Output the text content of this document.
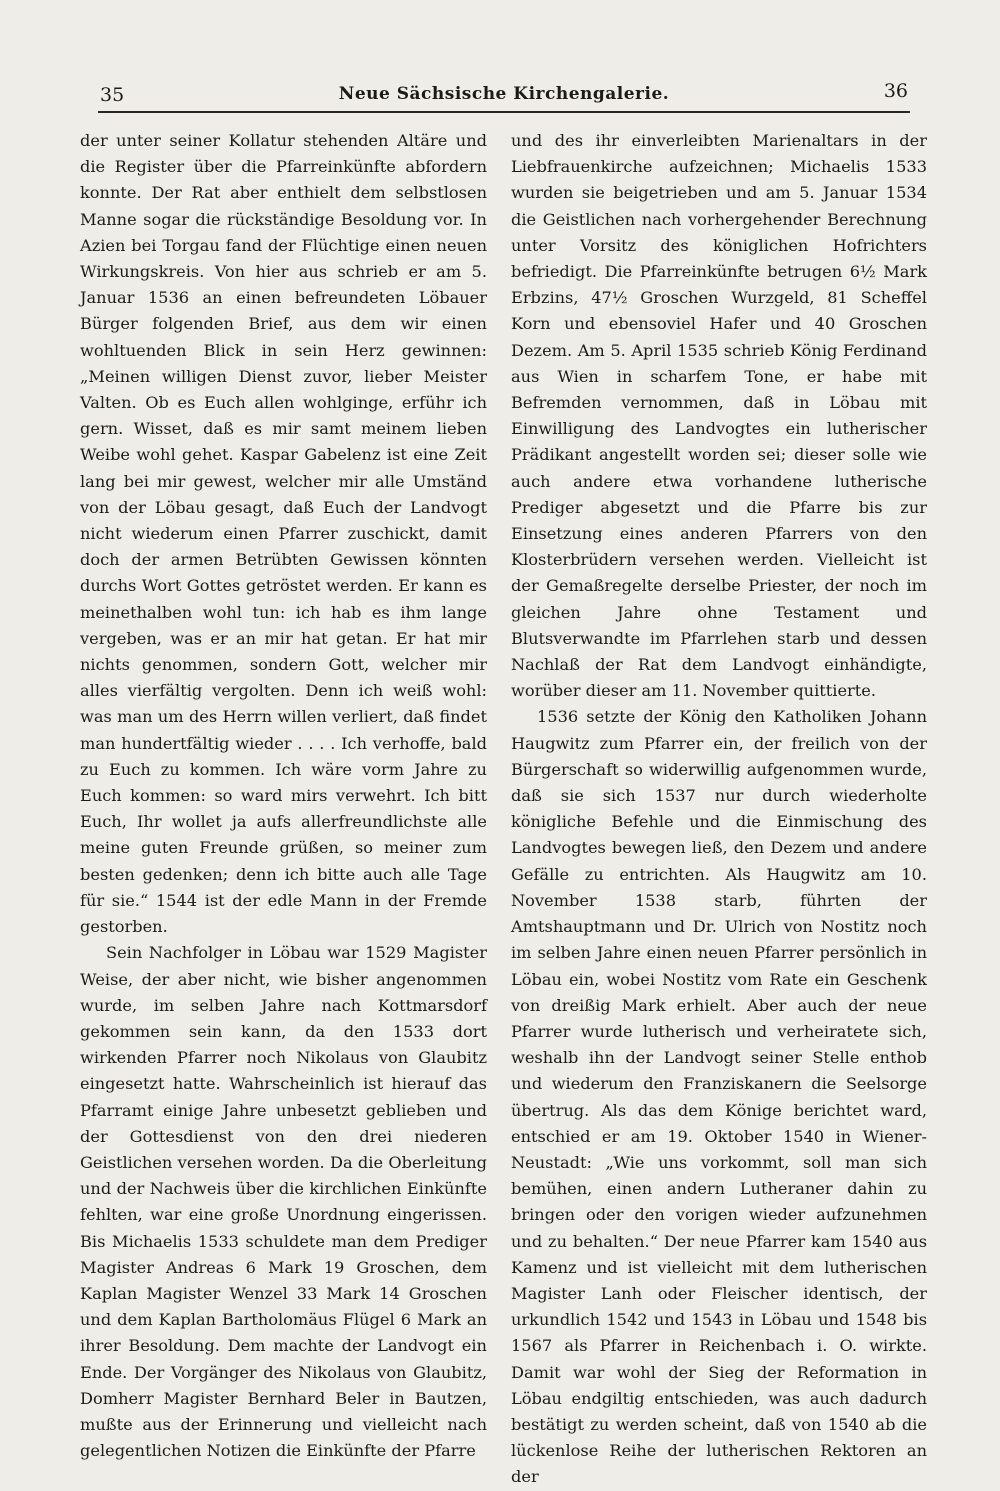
35	Neue Sächsische Kirchengalerie.	36

der unter seiner Kollatur stehenden Altäre und die Register über die Pfarreinkünfte abfordern konnte. Der Rat aber enthielt dem selbstlosen Manne sogar die rückständige Besoldung vor. In Azien bei Torgau fand der Flüchtige einen neuen Wirkungskreis. Von hier aus schrieb er am 5. Januar 1536 an einen befreundeten Löbauer Bürger folgenden Brief, aus dem wir einen wohltuenden Blick in sein Herz gewinnen: „Meinen willigen Dienst zuvor, lieber Meister Valten. Ob es Euch allen wohlginge, erführ ich gern. Wisset, daß es mir samt meinem lieben Weibe wohl gehet. Kaspar Gabelenz ist eine Zeit lang bei mir gewest, welcher mir alle Umständ von der Löbau gesagt, daß Euch der Landvogt nicht wiederum einen Pfarrer zuschickt, damit doch der armen Betrübten Gewissen könnten durchs Wort Gottes getröstet werden. Er kann es meinethalben wohl tun: ich hab es ihm lange vergeben, was er an mir hat getan. Er hat mir nichts genommen, sondern Gott, welcher mir alles vierfältig vergolten. Denn ich weiß wohl: was man um des Herrn willen verliert, daß findet man hundertfältig wieder . . . . Ich verhoffe, bald zu Euch zu kommen. Ich wäre vorm Jahre zu Euch kommen: so ward mirs verwehrt. Ich bitt Euch, Ihr wollet ja aufs allerfreundlichste alle meine guten Freunde grüßen, so meiner zum besten gedenken; denn ich bitte auch alle Tage für sie.“ 1544 ist der edle Mann in der Fremde gestorben.

Sein Nachfolger in Löbau war 1529 Magister Weise, der aber nicht, wie bisher angenommen wurde, im selben Jahre nach Kottmarsdorf gekommen sein kann, da den 1533 dort wirkenden Pfarrer noch Nikolaus von Glaubitz eingesetzt hatte. Wahrscheinlich ist hierauf das Pfarramt einige Jahre unbesetzt geblieben und der Gottesdienst von den drei niederen Geistlichen versehen worden. Da die Oberleitung und der Nachweis über die kirchlichen Einkünfte fehlten, war eine große Unordnung eingerissen. Bis Michaelis 1533 schuldete man dem Prediger Magister Andreas 6 Mark 19 Groschen, dem Kaplan Magister Wenzel 33 Mark 14 Groschen und dem Kaplan Bartholomäus Flügel 6 Mark an ihrer Besoldung. Dem machte der Landvogt ein Ende. Der Vorgänger des Nikolaus von Glaubitz, Domherr Magister Bernhard Beler in Bautzen, mußte aus der Erinnerung und vielleicht nach gelegentlichen Notizen die Einkünfte der Pfarre

und des ihr einverleibten Marienaltars in der Liebfrauenkirche aufzeichnen; Michaelis 1533 wurden sie beigetrieben und am 5. Januar 1534 die Geistlichen nach vorhergehender Berechnung unter Vorsitz des königlichen Hofrichters befriedigt. Die Pfarreinkünfte betrugen 6½ Mark Erbzins, 47½ Groschen Wurzgeld, 81 Scheffel Korn und ebensoviel Hafer und 40 Groschen Dezem. Am 5. April 1535 schrieb König Ferdinand aus Wien in scharfem Tone, er habe mit Befremden vernommen, daß in Löbau mit Einwilligung des Landvogtes ein lutherischer Prädikant angestellt worden sei; dieser solle wie auch andere etwa vorhandene lutherische Prediger abgesetzt und die Pfarre bis zur Einsetzung eines anderen Pfarrers von den Klosterbrüdern versehen werden. Vielleicht ist der Gemaßregelte derselbe Priester, der noch im gleichen Jahre ohne Testament und Blutsverwandte im Pfarrlehen starb und dessen Nachlaß der Rat dem Landvogt einhändigte, worüber dieser am 11. November quittierte.

1536 setzte der König den Katholiken Johann Haugwitz zum Pfarrer ein, der freilich von der Bürgerschaft so widerwillig aufgenommen wurde, daß sie sich 1537 nur durch wiederholte königliche Befehle und die Einmischung des Landvogtes bewegen ließ, den Dezem und andere Gefälle zu entrichten. Als Haugwitz am 10. November 1538 starb, führten der Amtshauptmann und Dr. Ulrich von Nostitz noch im selben Jahre einen neuen Pfarrer persönlich in Löbau ein, wobei Nostitz vom Rate ein Geschenk von dreißig Mark erhielt. Aber auch der neue Pfarrer wurde lutherisch und verheiratete sich, weshalb ihn der Landvogt seiner Stelle enthob und wiederum den Franziskanern die Seelsorge übertrug. Als das dem Könige berichtet ward, entschied er am 19. Oktober 1540 in Wiener-Neustadt: „Wie uns vorkommt, soll man sich bemühen, einen andern Lutheraner dahin zu bringen oder den vorigen wieder aufzunehmen und zu behalten.“ Der neue Pfarrer kam 1540 aus Kamenz und ist vielleicht mit dem lutherischen Magister Lanh oder Fleischer identisch, der urkundlich 1542 und 1543 in Löbau und 1548 bis 1567 als Pfarrer in Reichenbach i. O. wirkte. Damit war wohl der Sieg der Reformation in Löbau endgiltig entschieden, was auch dadurch bestätigt zu werden scheint, daß von 1540 ab die lückenlose Reihe der lutherischen Rektoren an der
